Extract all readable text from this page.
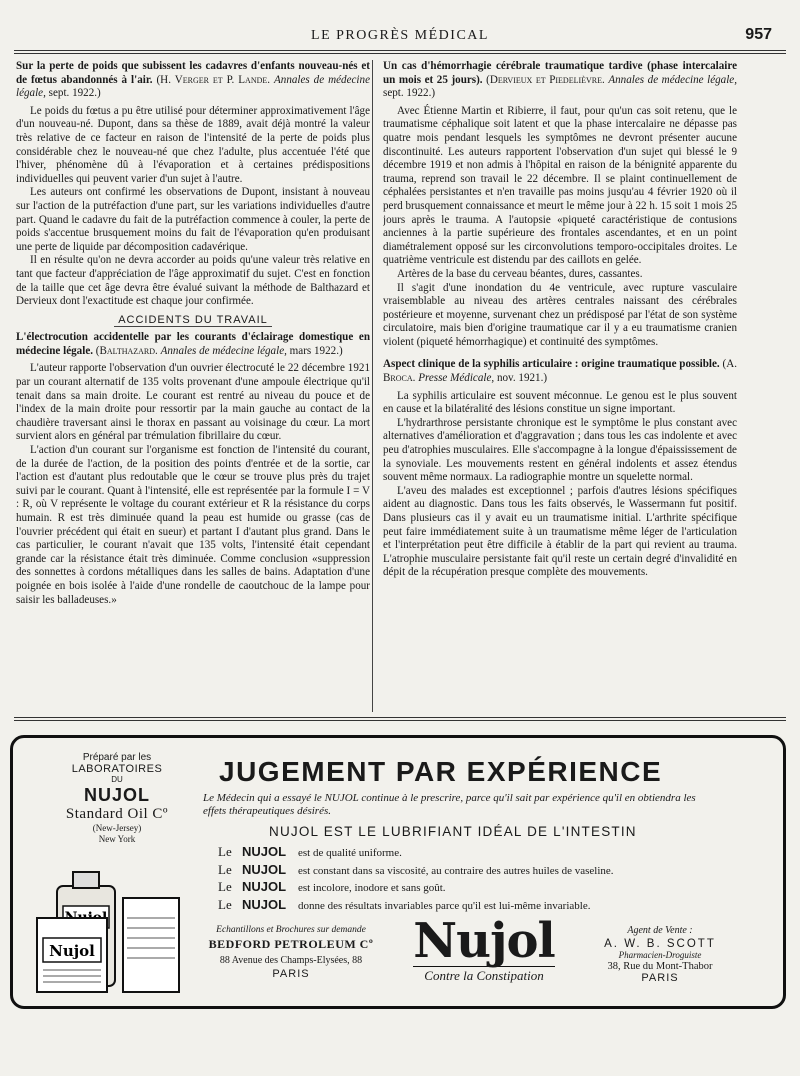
LE PROGRÈS MÉDICAL	957
Sur la perte de poids que subissent les cadavres d'enfants nouveau-nés et de fœtus abandonnés à l'air. (H. Verger et P. Lande. Annales de médecine légale, sept. 1922.)

Le poids du fœtus a pu être utilisé pour déterminer approximativement l'âge d'un nouveau-né. Dupont, dans sa thèse de 1889, avait déjà montré la valeur très relative de ce facteur en raison de l'intensité de la perte de poids plus considérable chez le nouveau-né que chez l'adulte, plus accentuée l'été que l'hiver, phénomène dû à l'évaporation et à certaines prédispositions individuelles qui peuvent varier d'un sujet à l'autre.

Les auteurs ont confirmé les observations de Dupont, insistant à nouveau sur l'action de la putréfaction d'une part, sur les variations individuelles d'autre part. Quand le cadavre du fait de la putréfaction commence à couler, la perte de poids s'accentue brusquement moins du fait de l'évaporation qu'en produisant une perte de liquide par décomposition cadavérique.

Il en résulte qu'on ne devra accorder au poids qu'une valeur très relative en tant que facteur d'appréciation de l'âge approximatif du sujet. C'est en fonction de la taille que cet âge devra être évalué suivant la méthode de Balthazard et Dervieux dont l'exactitude est chaque jour confirmée.

ACCIDENTS DU TRAVAIL
L'électrocution accidentelle par les courants d'éclairage domestique en médecine légale. (Balthazard. Annales de médecine légale, mars 1922.)

L'auteur rapporte l'observation d'un ouvrier électrocuté le 22 décembre 1921 par un courant alternatif de 135 volts provenant d'une ampoule électrique qu'il tenait dans sa main droite. Le courant est rentré au niveau du pouce et de l'index de la main droite pour ressortir par la main gauche au contact de la chaudière traversant ainsi le thorax en passant au voisinage du cœur. La mort survient alors en général par trémulation fibrillaire du cœur.

L'action d'un courant sur l'organisme est fonction de l'intensité du courant, de la durée de l'action, de la position des points d'entrée et de la sortie, car l'action est d'autant plus redoutable que le cœur se trouve plus près du trajet suivi par le courant. Quant à l'intensité, elle est représentée par la formule I = V : R, où V représente le voltage du courant extérieur et R la résistance du corps humain. R est très diminuée quand la peau est humide ou grasse (cas de l'ouvrier précédent qui était en sueur) et partant I d'autant plus grand. Dans le cas particulier, le courant n'avait que 135 volts, l'intensité était cependant grande car la résistance était très diminuée. Comme conclusion «suppression des sonnettes à cordons métalliques dans les salles de bains. Adaptation d'une poignée en bois isolée à l'aide d'une rondelle de caoutchouc de la lampe pour saisir les balladeuses.»

Un cas d'hémorrhagie cérébrale traumatique tardive (phase intercalaire un mois et 25 jours). (Dervieux et Piedelièvre. Annales de médecine légale, sept. 1922.)

Avec Étienne Martin et Ribierre, il faut, pour qu'un cas soit retenu, que le traumatisme céphalique soit latent et que la phase intercalaire ne dépasse pas quatre mois pendant lesquels les symptômes ne devront présenter aucune discontinuité. Les auteurs rapportent l'observation d'un sujet qui blessé le 9 décembre 1919 et non admis à l'hôpital en raison de la bénignité apparente du trauma, reprend son travail le 22 décembre. Il se plaint continuellement de céphalées persistantes et n'en travaille pas moins jusqu'au 4 février 1920 où il perd brusquement connaissance et meurt le même jour à 22 h. 15 soit 1 mois 25 jours après le trauma. A l'autopsie «piqueté caractéristique de contusions anciennes à la partie supérieure des frontales ascendantes, et en un point diamétralement opposé sur les circonvolutions temporo-occipitales droites. Le quatrième ventricule est distendu par des caillots en gelée.

Artères de la base du cerveau béantes, dures, cassantes.

Il s'agit d'une inondation du 4e ventricule, avec rupture vasculaire vraisemblable au niveau des artères centrales naissant des cérébrales postérieure et moyenne, survenant chez un prédisposé par l'état de son système circulatoire, mais bien d'origine traumatique car il y a eu traumatisme cranien violent (piqueté hémorrhagique) et continuité des symptômes.

Aspect clinique de la syphilis articulaire : origine traumatique possible. (A. Broca. Presse Médicale, nov. 1921.)

La syphilis articulaire est souvent méconnue. Le genou est le plus souvent en cause et la bilatéralité des lésions constitue un signe important.

L'hydrarthrose persistante chronique est le symptôme le plus constant avec alternatives d'amélioration et d'aggravation ; dans tous les cas indolente et avec peu d'atrophies musculaires. Elle s'accompagne à la longue d'épaississement de la synoviale. Les mouvements restent en général indolents et assez étendus souvent même normaux. La radiographie montre un squelette normal.

L'aveu des malades est exceptionnel ; parfois d'autres lésions spécifiques aident au diagnostic. Dans tous les faits observés, le Wassermann fut positif. Dans plusieurs cas il y avait eu un traumatisme initial. L'arthrite spécifique peut faire immédiatement suite à un traumatisme même léger de l'articulation et l'interprétation peut être difficile à établir de la part qui revient au trauma. L'atrophie musculaire persistante fait qu'il reste un certain degré d'invalidité en dépit de la récupération presque complète des mouvements.

Préparé par les
LABORATOIRES
DU
NUJOL
Standard Oil Cº
(New-Jersey)
New York
Nujol
JUGEMENT PAR EXPÉRIENCE
Le Médecin qui a essayé le NUJOL continue à le prescrire, parce qu'il sait par expérience qu'il en obtiendra les effets thérapeutiques désirés.
NUJOL EST LE LUBRIFIANT IDÉAL DE L'INTESTIN
Le NUJOL est de qualité uniforme.
Le NUJOL est constant dans sa viscosité, au contraire des autres huiles de vaseline.
Le NUJOL est incolore, inodore et sans goût.
Le NUJOL donne des résultats invariables parce qu'il est lui-même invariable.
Echantillons et Brochures sur demande
BEDFORD PETROLEUM Cº
88 Avenue des Champs-Elysées, 88
PARIS
Nujol
Contre la Constipation
Agent de Vente :
A. W. B. SCOTT
Pharmacien-Droguiste
38, Rue du Mont-Thabor
PARIS
